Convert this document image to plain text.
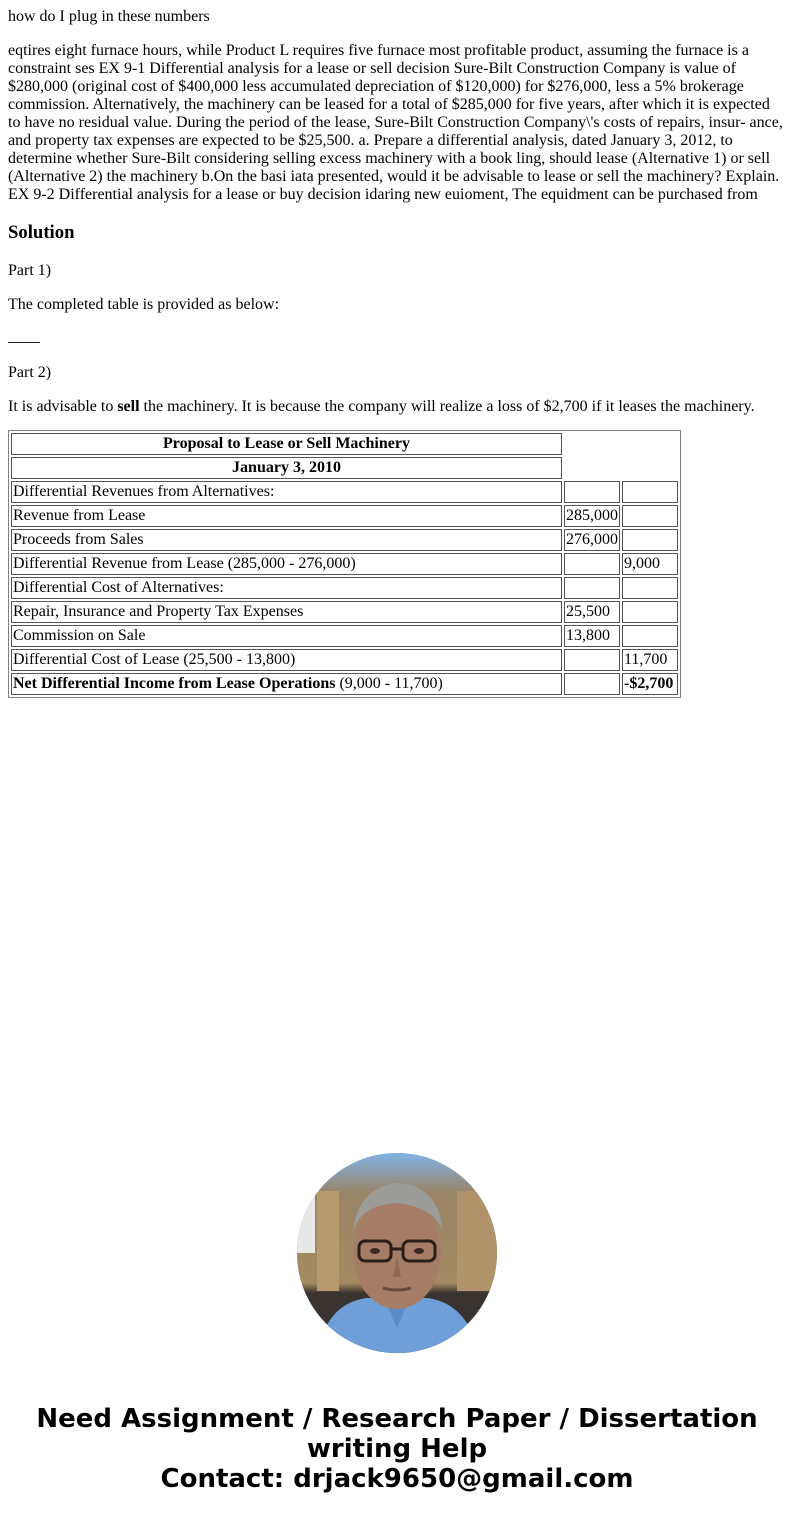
how do I plug in these numbers

eqtires eight furnace hours, while Product L requires five furnace most profitable product, assuming the furnace is a constraint ses EX 9-1 Differential analysis for a lease or sell decision Sure-Bilt Construction Company is value of $280,000 (original cost of $400,000 less accumulated depreciation of $120,000) for $276,000, less a 5% brokerage commission. Alternatively, the machinery can be leased for a total of $285,000 for five years, after which it is expected to have no residual value. During the period of the lease, Sure-Bilt Construction Company\'s costs of repairs, insur- ance, and property tax expenses are expected to be $25,500. a. Prepare a differential analysis, dated January 3, 2012, to determine whether Sure-Bilt considering selling excess machinery with a book ling, should lease (Alternative 1) or sell (Alternative 2) the machinery b.On the basi iata presented, would it be advisable to lease or sell the machinery? Explain. EX 9-2 Differential analysis for a lease or buy decision idaring new euioment, The equidment can be purchased from

Solution

Part 1)

The completed table is provided as below:

Part 2)

It is advisable to sell the machinery. It is because the company will realize a loss of $2,700 if it leases the machinery.

Proposal to Lease or Sell Machinery		
January 3, 2010		
Differential Revenues from Alternatives:		
Revenue from Lease	285,000	
Proceeds from Sales	276,000	
Differential Revenue from Lease (285,000 - 276,000)		9,000
Differential Cost of Alternatives:		
Repair, Insurance and Property Tax Expenses	25,500	
Commission on Sale	13,800	
Differential Cost of Lease (25,500 - 13,800)		11,700
Net Differential Income from Lease Operations (9,000 - 11,700)		-$2,700
Need Assignment / Research Paper / Dissertation
writing Help
Contact: drjack9650@gmail.com
